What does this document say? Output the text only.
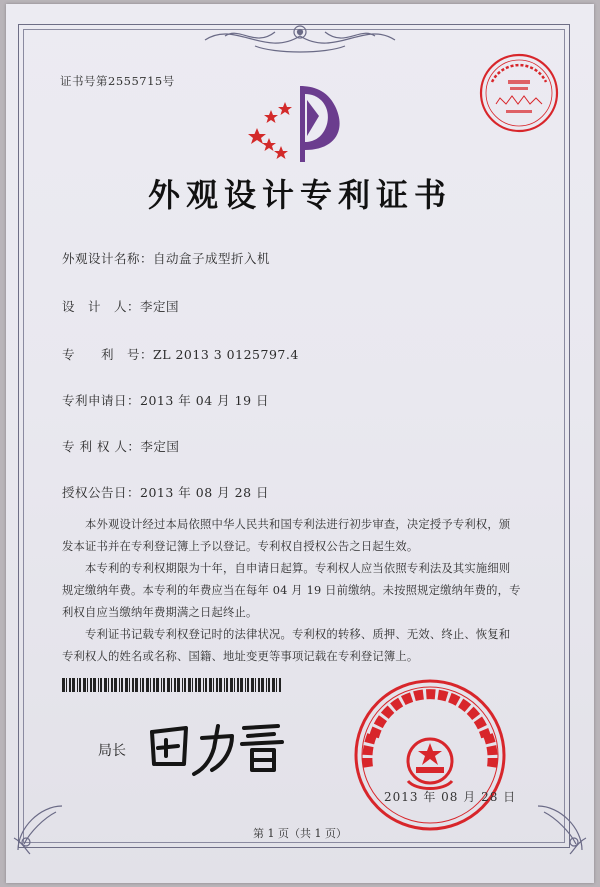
证书号第2555715号
外观设计专利证书
外观设计名称：自动盒子成型折入机
设　计　人：李定国
专　　利　号：ZL 2013 3 0125797.4
专利申请日：2013 年 04 月 19 日
专 利 权 人：李定国
授权公告日：2013 年 08 月 28 日
　　本外观设计经过本局依照中华人民共和国专利法进行初步审查，决定授予专利权，颁
发本证书并在专利登记簿上予以登记。专利权自授权公告之日起生效。
　　本专利的专利权期限为十年，自申请日起算。专利权人应当依照专利法及其实施细则
规定缴纳年费。本专利的年费应当在每年 04 月 19 日前缴纳。未按照规定缴纳年费的，专
利权自应当缴纳年费期满之日起终止。
　　专利证书记载专利权登记时的法律状况。专利权的转移、质押、无效、终止、恢复和
专利权人的姓名或名称、国籍、地址变更等事项记载在专利登记簿上。
局长
2013 年 08 月 28 日
第 1 页（共 1 页）
